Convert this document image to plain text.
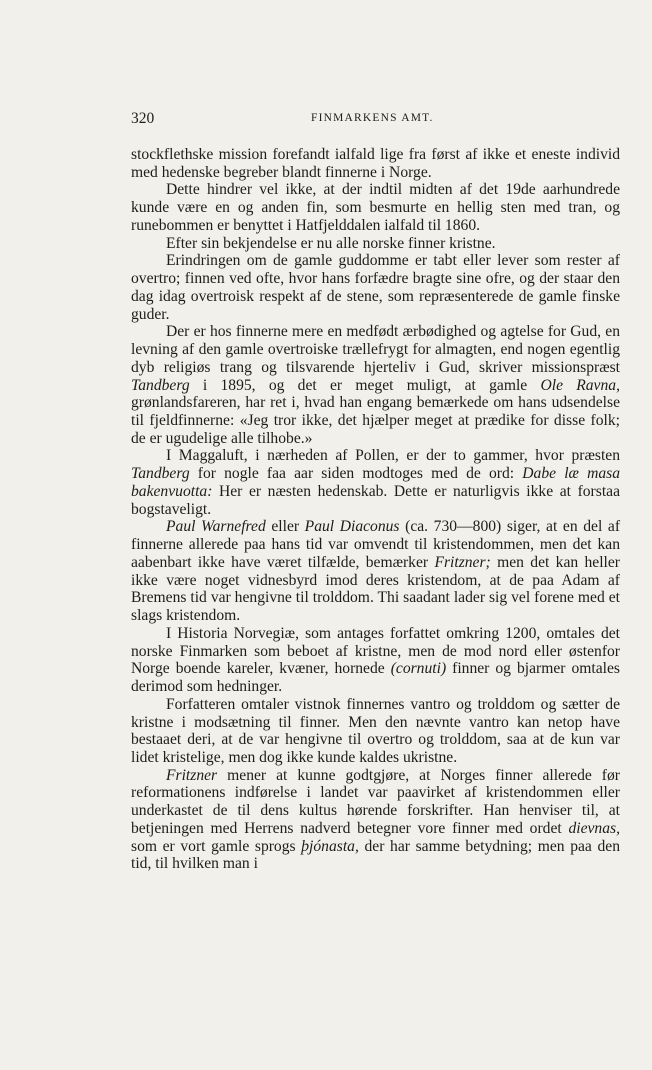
320	FINMARKENS AMT.

stockflethske mission forefandt ialfald lige fra først af ikke et eneste individ med hedenske begreber blandt finnerne i Norge.

Dette hindrer vel ikke, at der indtil midten af det 19de aarhundrede kunde være en og anden fin, som besmurte en hellig sten med tran, og runebommen er benyttet i Hatfjelddalen ialfald til 1860.

Efter sin bekjendelse er nu alle norske finner kristne.

Erindringen om de gamle guddomme er tabt eller lever som rester af overtro; finnen ved ofte, hvor hans forfædre bragte sine ofre, og der staar den dag idag overtroisk respekt af de stene, som repræsenterede de gamle finske guder.

Der er hos finnerne mere en medfødt ærbødighed og agtelse for Gud, en levning af den gamle overtroiske trællefrygt for almagten, end nogen egentlig dyb religiøs trang og tilsvarende hjerteliv i Gud, skriver missionspræst Tandberg i 1895, og det er meget muligt, at gamle Ole Ravna, grønlandsfareren, har ret i, hvad han engang bemærkede om hans udsendelse til fjeldfinnerne: «Jeg tror ikke, det hjælper meget at prædike for disse folk; de er ugudelige alle tilhobe.»

I Maggaluft, i nærheden af Pollen, er der to gammer, hvor præsten Tandberg for nogle faa aar siden modtoges med de ord: Dabe læ masa bakenvuotta: Her er næsten hedenskab. Dette er naturligvis ikke at forstaa bogstaveligt.

Paul Warnefred eller Paul Diaconus (ca. 730—800) siger, at en del af finnerne allerede paa hans tid var omvendt til kristendommen, men det kan aabenbart ikke have været tilfælde, bemærker Fritzner; men det kan heller ikke være noget vidnesbyrd imod deres kristendom, at de paa Adam af Bremens tid var hengivne til trolddom. Thi saadant lader sig vel forene med et slags kristendom.

I Historia Norvegiæ, som antages forfattet omkring 1200, omtales det norske Finmarken som beboet af kristne, men de mod nord eller østenfor Norge boende kareler, kvæner, hornede (cornuti) finner og bjarmer omtales derimod som hedninger.

Forfatteren omtaler vistnok finnernes vantro og trolddom og sætter de kristne i modsætning til finner. Men den nævnte vantro kan netop have bestaaet deri, at de var hengivne til overtro og trolddom, saa at de kun var lidet kristelige, men dog ikke kunde kaldes ukristne.

Fritzner mener at kunne godtgjøre, at Norges finner allerede før reformationens indførelse i landet var paavirket af kristendommen eller underkastet de til dens kultus hørende forskrifter. Han henviser til, at betjeningen med Herrens nadverd betegner vore finner med ordet dievnas, som er vort gamle sprogs þjónasta, der har samme betydning; men paa den tid, til hvilken man i
